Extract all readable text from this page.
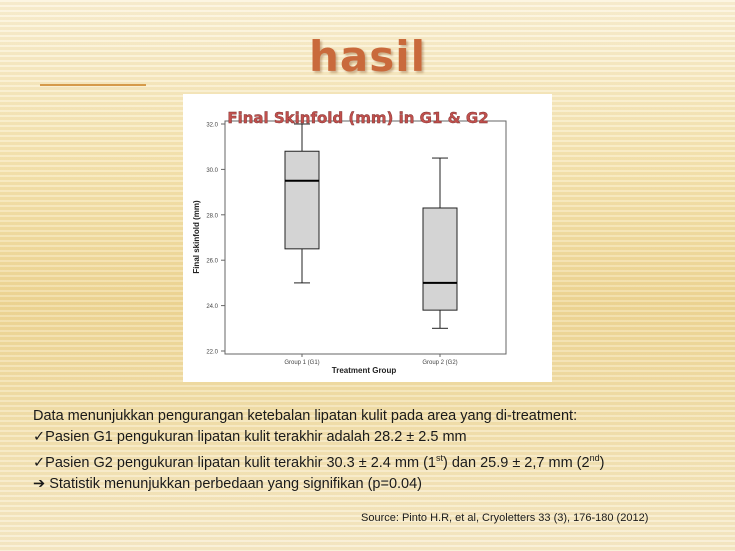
hasil
32.0
30.0
28.0
26.0
24.0
22.0
Group 1 (G1)	Group 2 (G2)
Treatment Group
Final skinfold (mm)
Final Skinfold (mm) in G1 & G2
Data menunjukkan pengurangan ketebalan lipatan kulit pada area yang di-treatment:
✓Pasien G1 pengukuran lipatan kulit terakhir adalah 28.2 ± 2.5 mm
✓Pasien G2 pengukuran lipatan kulit terakhir 30.3 ± 2.4 mm (1st) dan 25.9 ± 2,7 mm (2nd)
➔ Statistik menunjukkan perbedaan yang signifikan (p=0.04)
Source: Pinto H.R, et al, Cryoletters 33 (3), 176-180 (2012)
